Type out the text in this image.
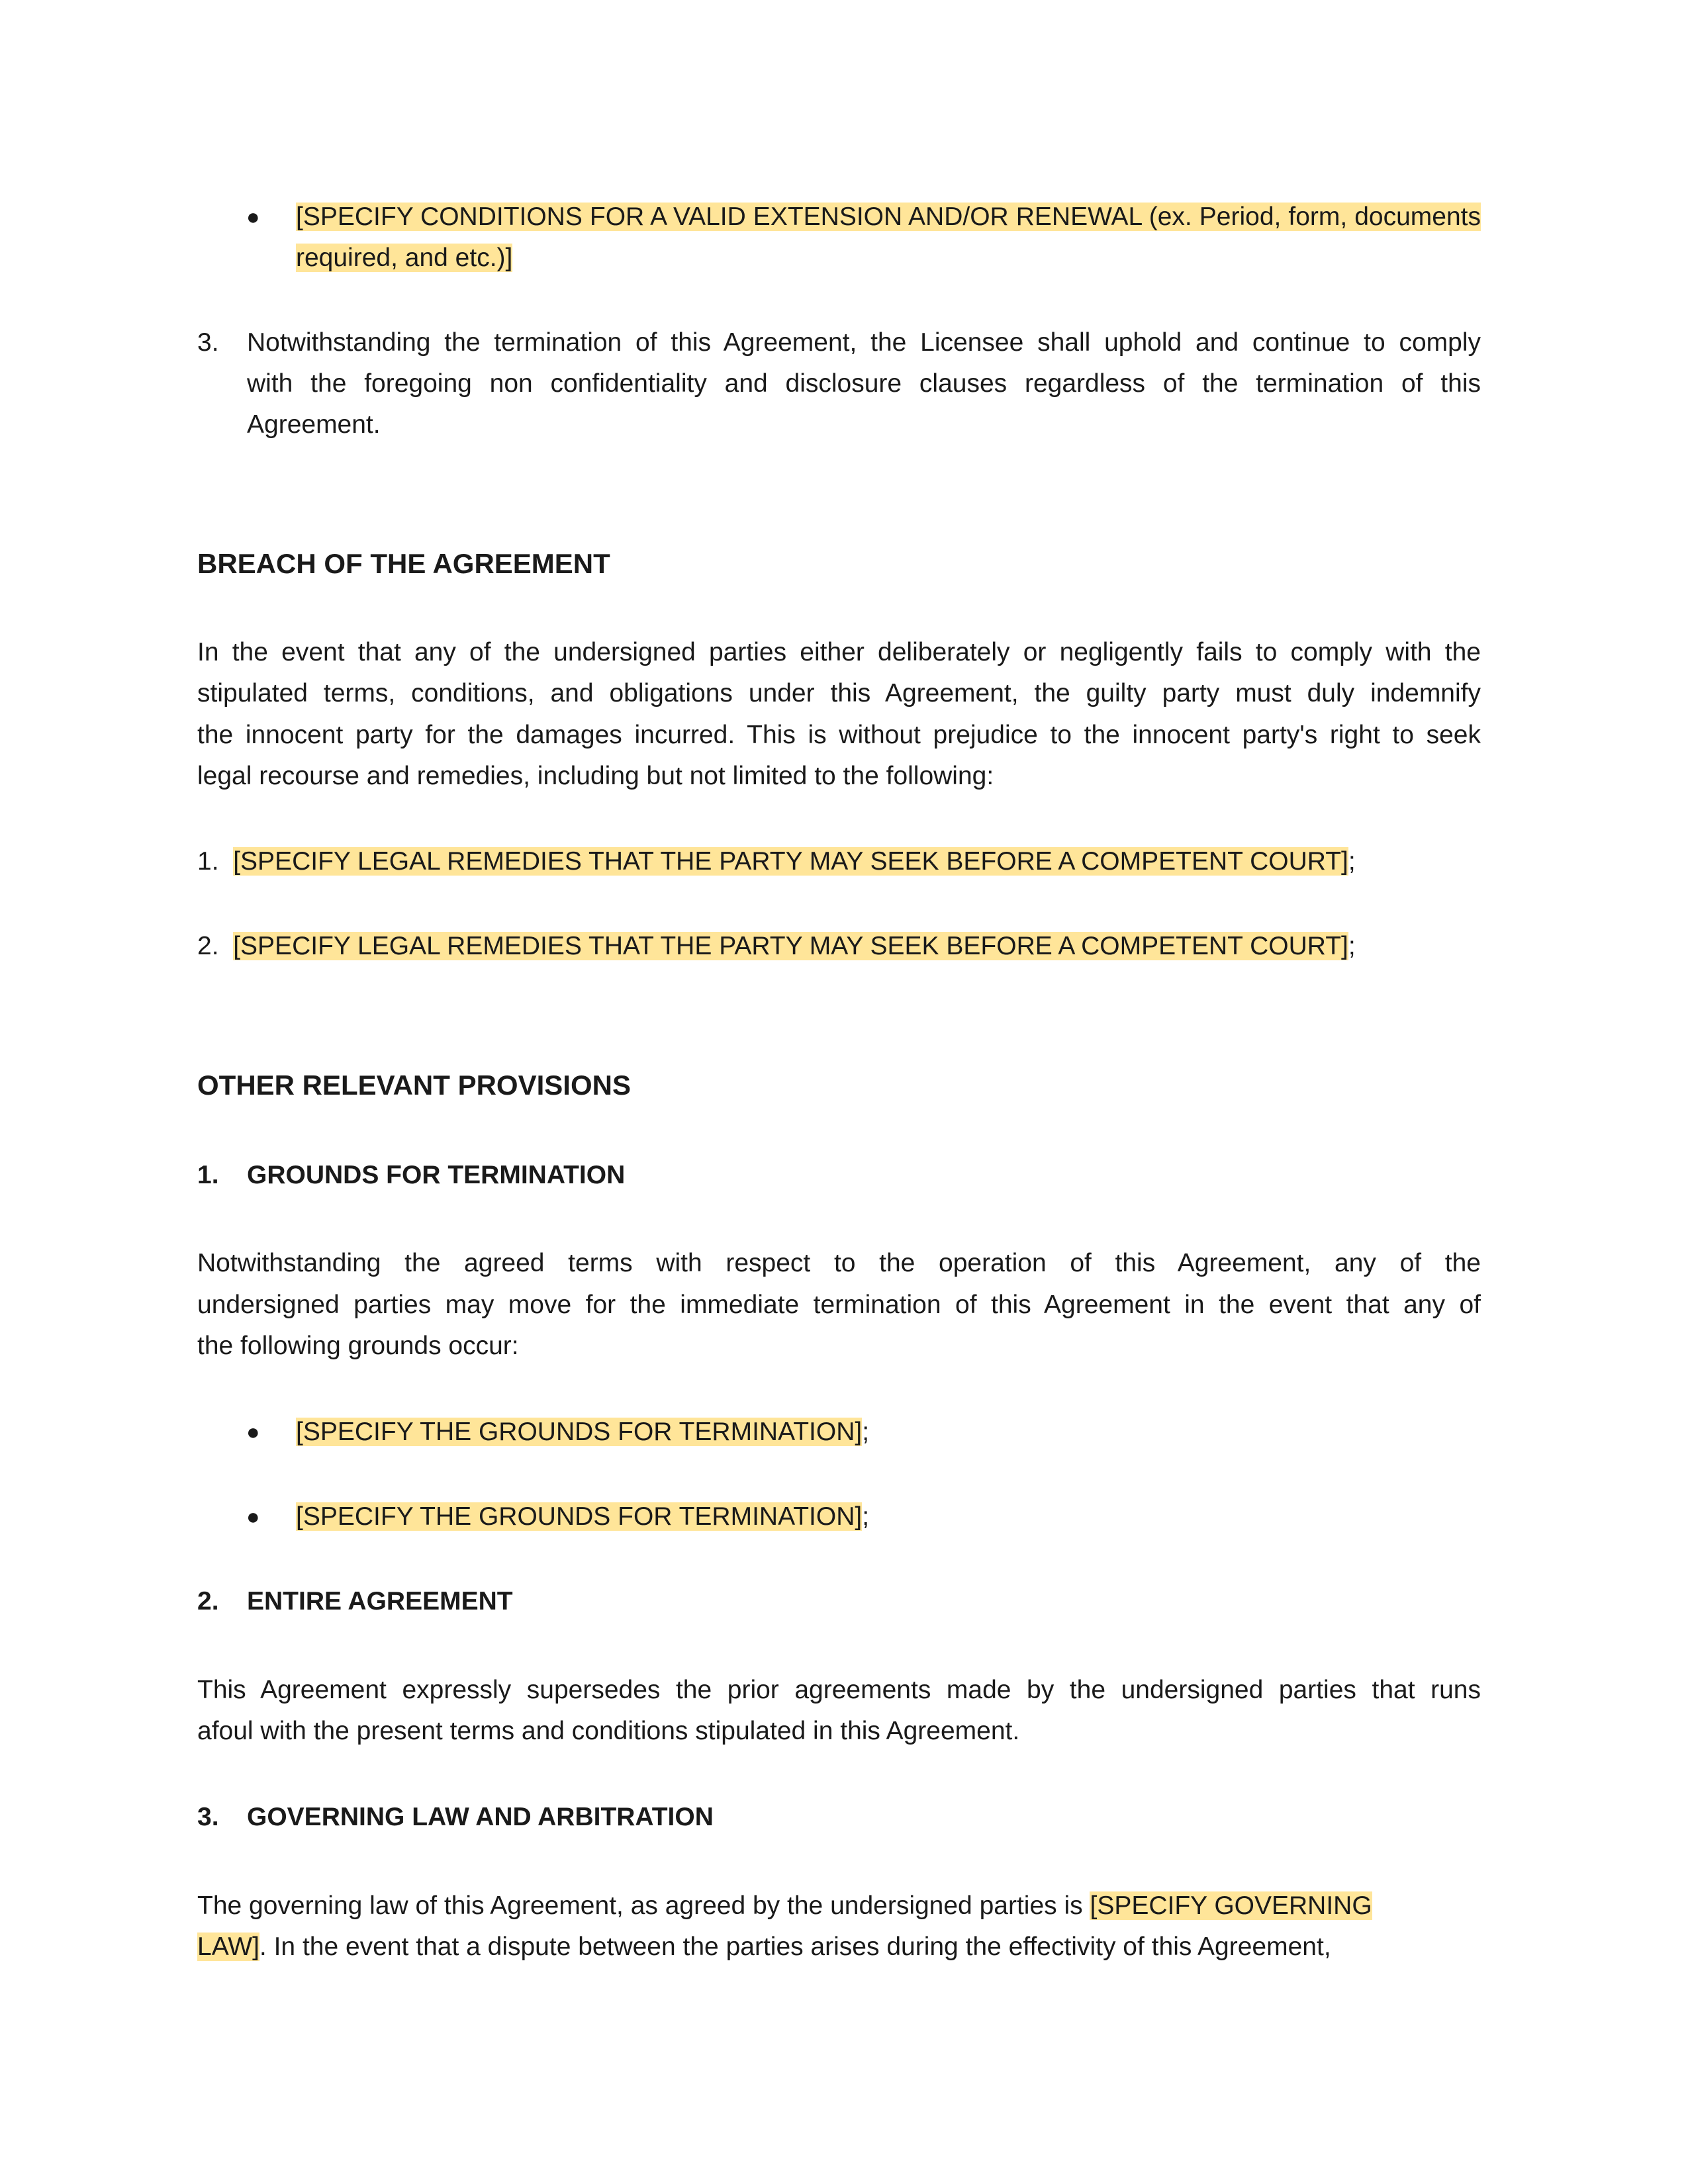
● [SPECIFY CONDITIONS FOR A VALID EXTENSION AND/OR RENEWAL (ex. Period, form, documents
required, and etc.)]
3. Notwithstanding the termination of this Agreement, the Licensee shall uphold and continue to comply
with the foregoing non confidentiality and disclosure clauses regardless of the termination of this
Agreement.
BREACH OF THE AGREEMENT
In the event that any of the undersigned parties either deliberately or negligently fails to comply with the
stipulated terms, conditions, and obligations under this Agreement, the guilty party must duly indemnify
the innocent party for the damages incurred. This is without prejudice to the innocent party's right to seek
legal recourse and remedies, including but not limited to the following:
1. [SPECIFY LEGAL REMEDIES THAT THE PARTY MAY SEEK BEFORE A COMPETENT COURT];
2. [SPECIFY LEGAL REMEDIES THAT THE PARTY MAY SEEK BEFORE A COMPETENT COURT];
OTHER RELEVANT PROVISIONS
1. GROUNDS FOR TERMINATION
Notwithstanding the agreed terms with respect to the operation of this Agreement, any of the
undersigned parties may move for the immediate termination of this Agreement in the event that any of
the following grounds occur:
● [SPECIFY THE GROUNDS FOR TERMINATION];
● [SPECIFY THE GROUNDS FOR TERMINATION];
2. ENTIRE AGREEMENT
This Agreement expressly supersedes the prior agreements made by the undersigned parties that runs
afoul with the present terms and conditions stipulated in this Agreement.
3. GOVERNING LAW AND ARBITRATION
The governing law of this Agreement, as agreed by the undersigned parties is [SPECIFY GOVERNING
LAW]. In the event that a dispute between the parties arises during the effectivity of this Agreement,
